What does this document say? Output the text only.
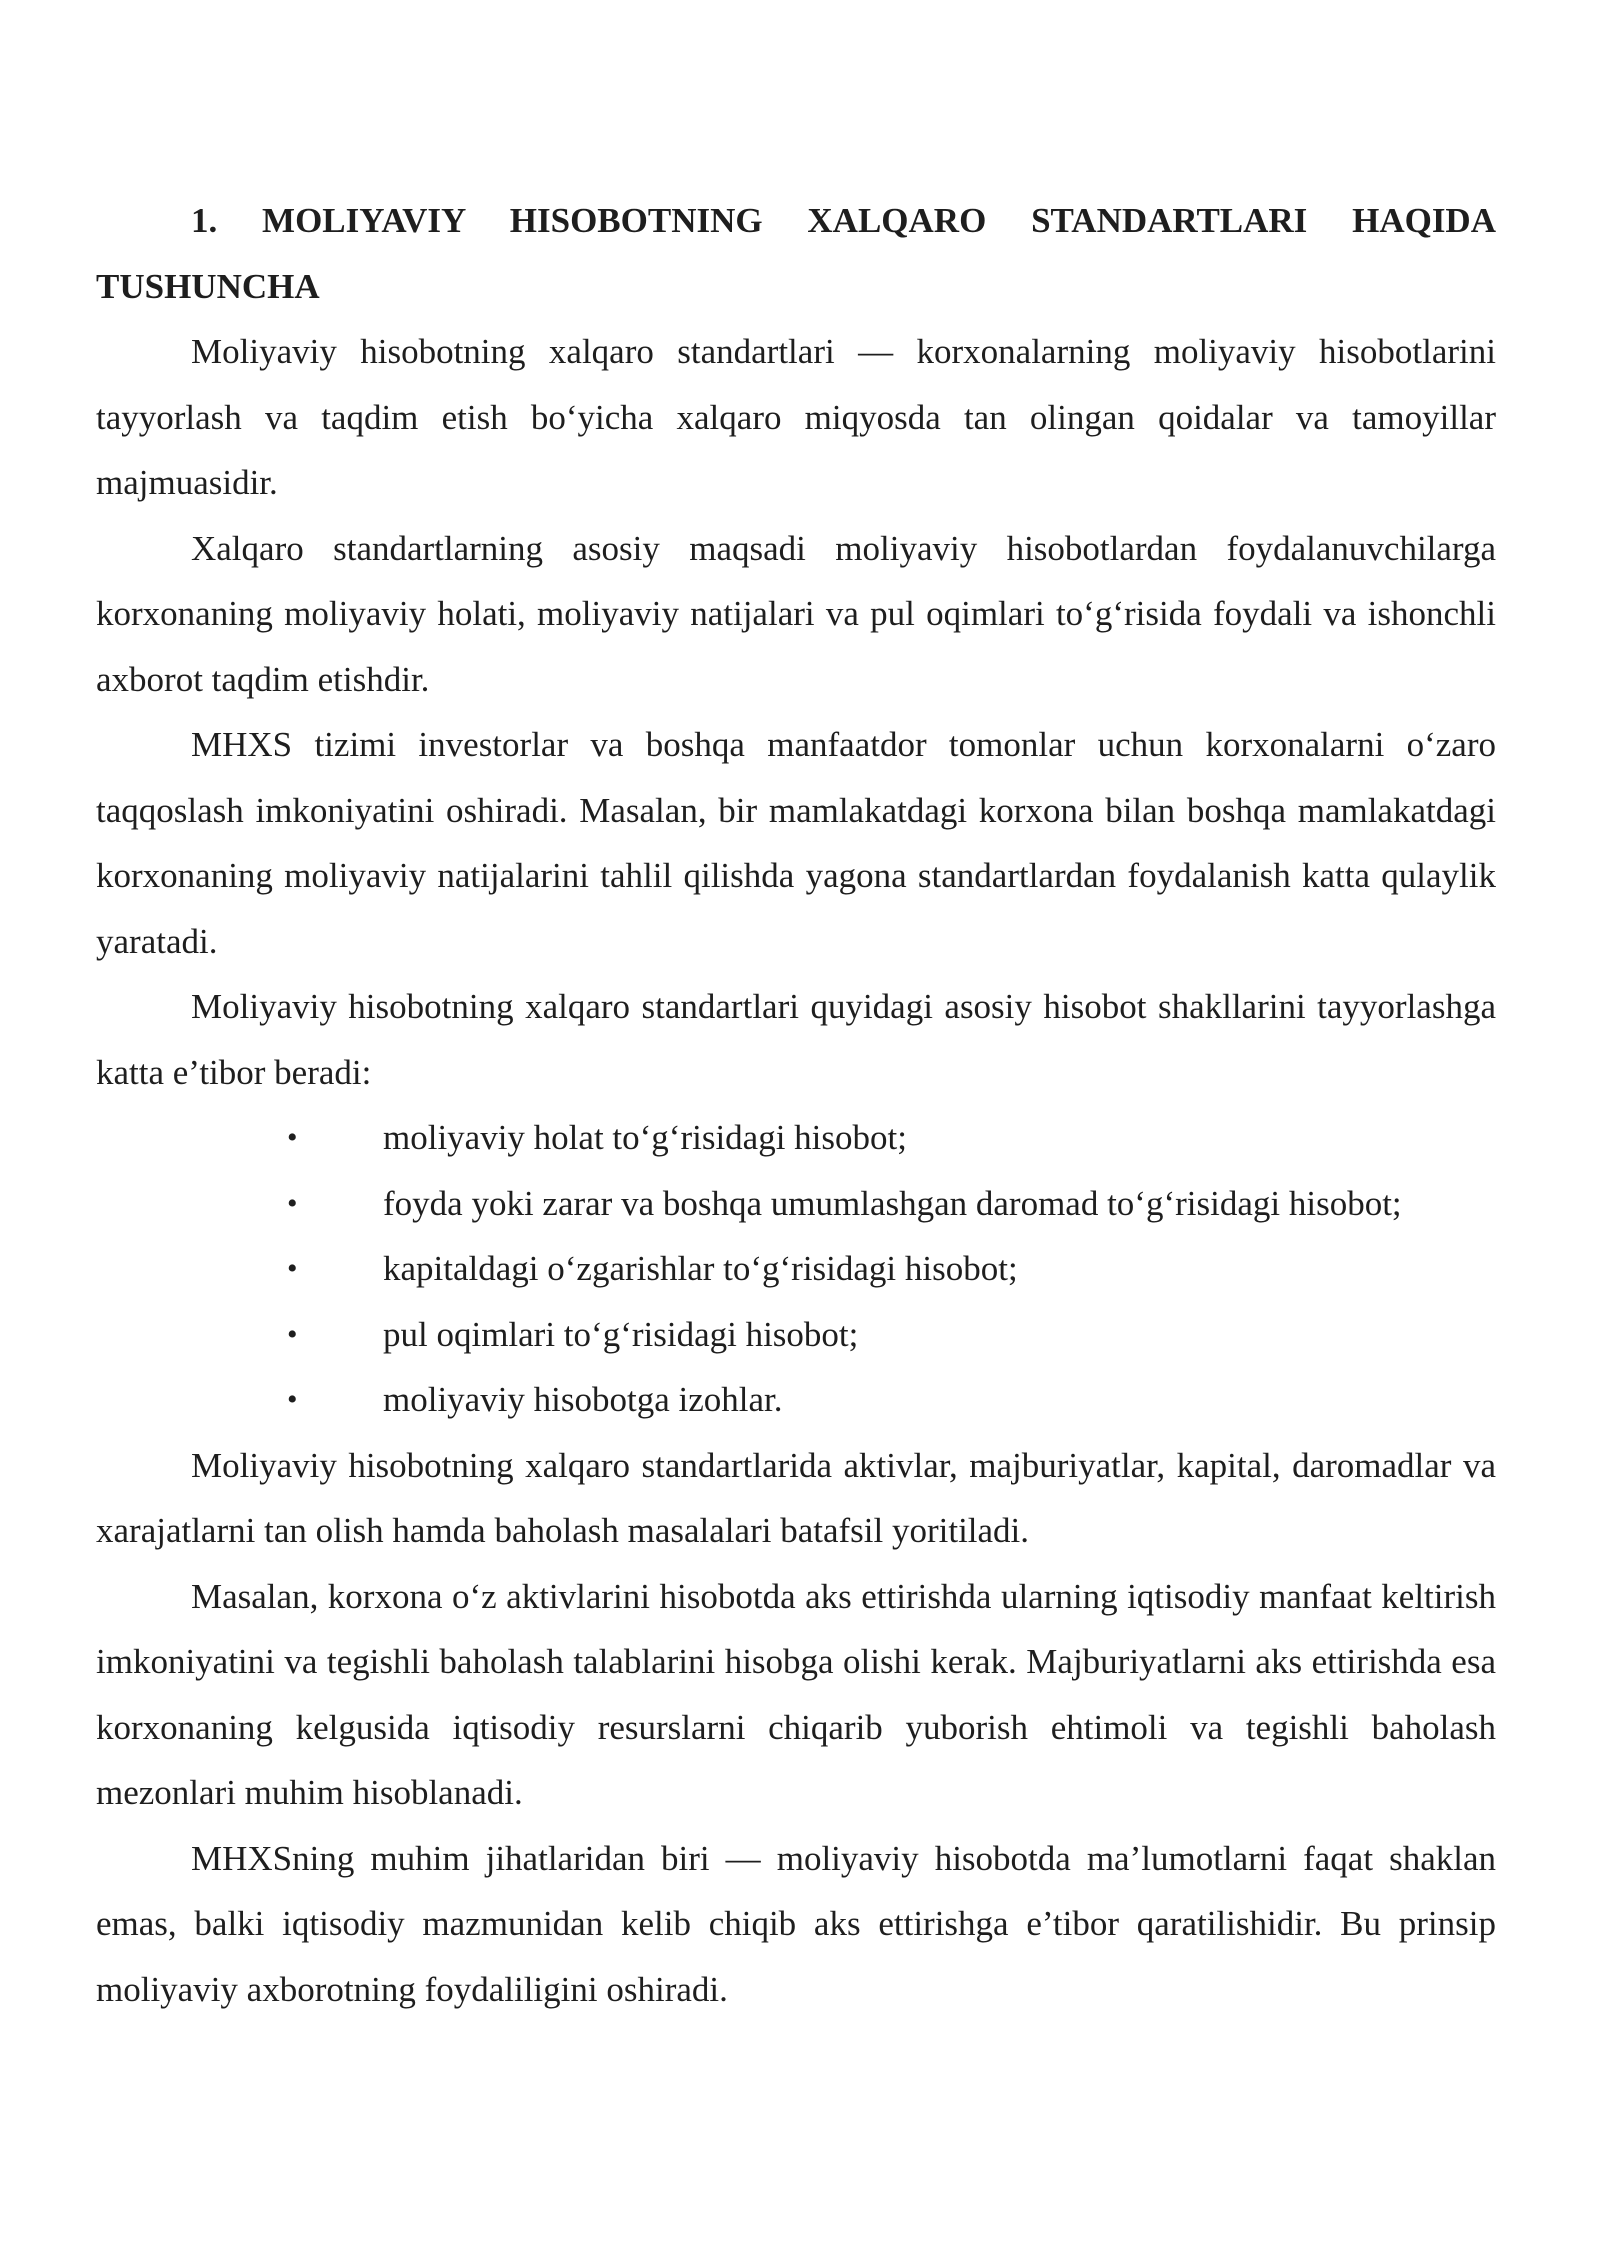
1. MOLIYAVIY HISOBOTNING XALQARO STANDARTLARI HAQIDA TUSHUNCHA

Moliyaviy hisobotning xalqaro standartlari — korxonalarning moliyaviy hisobotlarini tayyorlash va taqdim etish bo‘yicha xalqaro miqyosda tan olingan qoidalar va tamoyillar majmuasidir.

Xalqaro standartlarning asosiy maqsadi moliyaviy hisobotlardan foydalanuvchilarga korxonaning moliyaviy holati, moliyaviy natijalari va pul oqimlari to‘g‘risida foydali va ishonchli axborot taqdim etishdir.

MHXS tizimi investorlar va boshqa manfaatdor tomonlar uchun korxonalarni o‘zaro taqqoslash imkoniyatini oshiradi. Masalan, bir mamlakatdagi korxona bilan boshqa mamlakatdagi korxonaning moliyaviy natijalarini tahlil qilishda yagona standartlardan foydalanish katta qulaylik yaratadi.

Moliyaviy hisobotning xalqaro standartlari quyidagi asosiy hisobot shakllarini tayyorlashga katta e’tibor beradi:

• moliyaviy holat to‘g‘risidagi hisobot;
• foyda yoki zarar va boshqa umumlashgan daromad to‘g‘risidagi hisobot;
• kapitaldagi o‘zgarishlar to‘g‘risidagi hisobot;
• pul oqimlari to‘g‘risidagi hisobot;
• moliyaviy hisobotga izohlar.

Moliyaviy hisobotning xalqaro standartlarida aktivlar, majburiyatlar, kapital, daromadlar va xarajatlarni tan olish hamda baholash masalalari batafsil yoritiladi.

Masalan, korxona o‘z aktivlarini hisobotda aks ettirishda ularning iqtisodiy manfaat keltirish imkoniyatini va tegishli baholash talablarini hisobga olishi kerak. Majburiyatlarni aks ettirishda esa korxonaning kelgusida iqtisodiy resurslarni chiqarib yuborish ehtimoli va tegishli baholash mezonlari muhim hisoblanadi.

MHXSning muhim jihatlaridan biri — moliyaviy hisobotda ma’lumotlarni faqat shaklan emas, balki iqtisodiy mazmunidan kelib chiqib aks ettirishga e’tibor qaratilishidir. Bu prinsip moliyaviy axborotning foydaliligini oshiradi.
